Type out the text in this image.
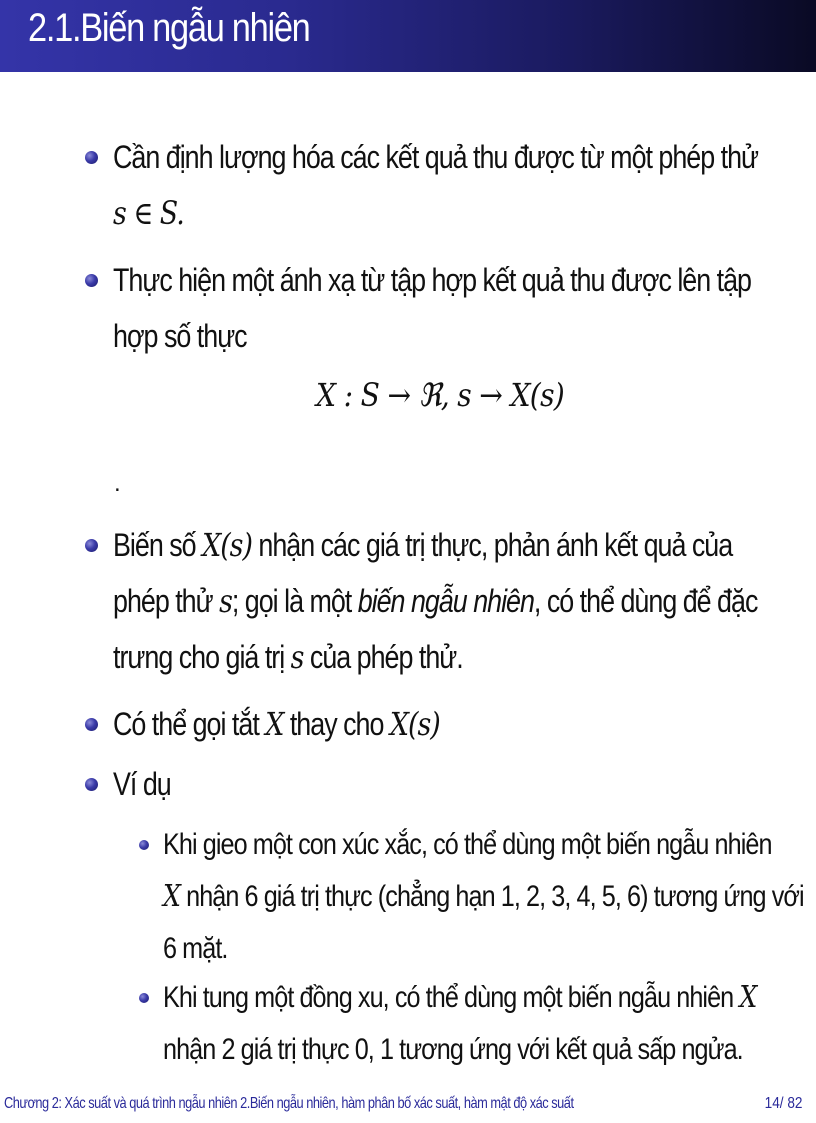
2.1.Biến ngẫu nhiên
Cần định lượng hóa các kết quả thu được từ một phép thử
s ∈ S.
Thực hiện một ánh xạ từ tập hợp kết quả thu được lên tập
hợp số thực
X : S → ℜ, s → X(s)
.
Biến số X(s) nhận các giá trị thực, phản ánh kết quả của
phép thử s; gọi là một biến ngẫu nhiên, có thể dùng để đặc
trưng cho giá trị s của phép thử.
Có thể gọi tắt X thay cho X(s)
Ví dụ
Khi gieo một con xúc xắc, có thể dùng một biến ngẫu nhiên
X nhận 6 giá trị thực (chẳng hạn 1, 2, 3, 4, 5, 6) tương ứng với
6 mặt.
Khi tung một đồng xu, có thể dùng một biến ngẫu nhiên X
nhận 2 giá trị thực 0, 1 tương ứng với kết quả sấp ngửa.
Chương 2: Xác suất và quá trình ngẫu nhiên 2.Biến ngẫu nhiên, hàm phân bố xác suất, hàm mật độ xác suất	14/ 82
